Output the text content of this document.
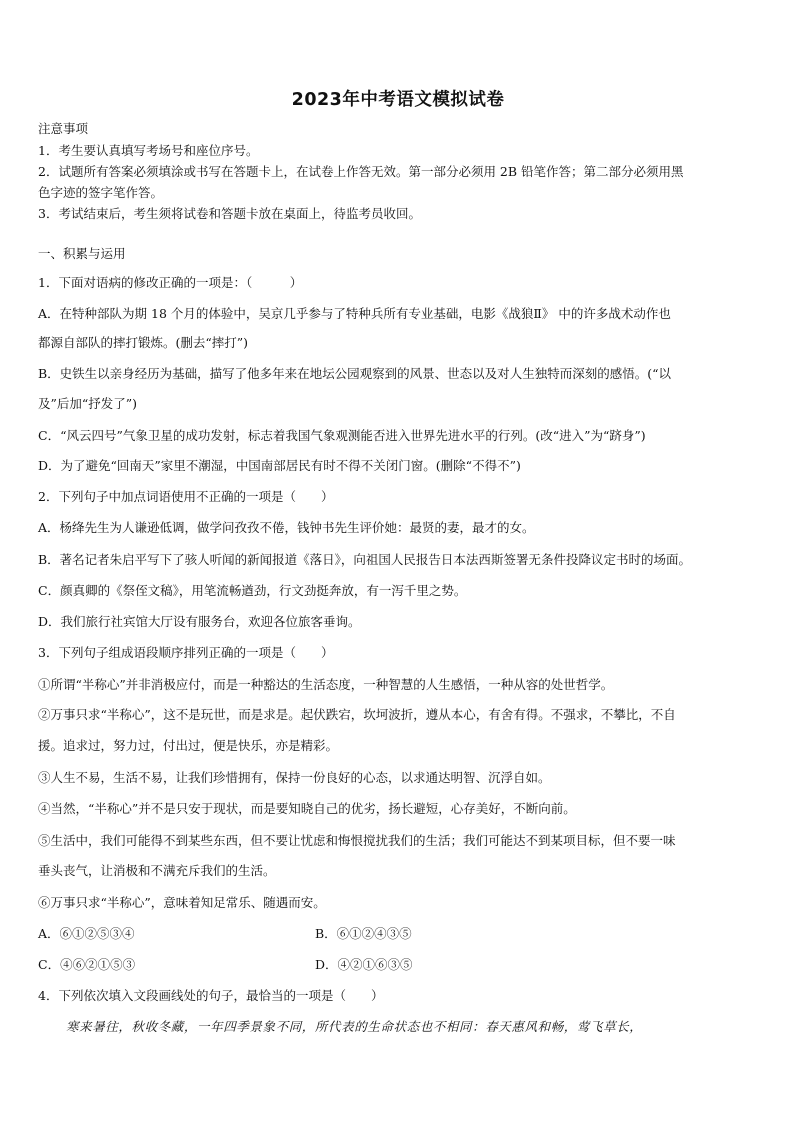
2023年中考语文模拟试卷
注意事项
1．考生要认真填写考场号和座位序号。
2．试题所有答案必须填涂或书写在答题卡上，在试卷上作答无效。第一部分必须用 2B 铅笔作答；第二部分必须用黑
色字迹的签字笔作答。
3．考试结束后，考生须将试卷和答题卡放在桌面上，待监考员收回。
一、积累与运用
1．下面对语病的修改正确的一项是：（　　　）
A．在特种部队为期 18 个月的体验中，吴京几乎参与了特种兵所有专业基础，电影《战狼Ⅱ》 中的许多战术动作也
都源自部队的摔打锻炼。(删去“摔打”)
B．史铁生以亲身经历为基础，描写了他多年来在地坛公园观察到的风景、世态以及对人生独特而深刻的感悟。(“以
及”后加“抒发了”)
C．“风云四号”气象卫星的成功发射，标志着我国气象观测能否进入世界先进水平的行列。(改“进入”为“跻身”)
D．为了避免“回南天”家里不潮湿，中国南部居民有时不得不关闭门窗。(删除“不得不”)
2．下列句子中加点词语使用不正确的一项是（　　）
A．杨绛先生为人谦逊低调，做学问孜孜不倦，钱钟书先生评价她：最贤的妻，最才的女。
B．著名记者朱启平写下了骇人听闻的新闻报道《落日》，向祖国人民报告日本法西斯签署无条件投降议定书时的场面。
C．颜真卿的《祭侄文稿》，用笔流畅遒劲，行文劲挺奔放，有一泻千里之势。
D．我们旅行社宾馆大厅设有服务台，欢迎各位旅客垂询。
3．下列句子组成语段顺序排列正确的一项是（　　）
①所谓“半称心”并非消极应付，而是一种豁达的生活态度，一种智慧的人生感悟，一种从容的处世哲学。
②万事只求“半称心”，这不是玩世，而是求是。起伏跌宕，坎坷波折，遵从本心，有舍有得。不强求，不攀比，不自
援。追求过，努力过，付出过，便是快乐，亦是精彩。
③人生不易，生活不易，让我们珍惜拥有，保持一份良好的心态，以求通达明智、沉浮自如。
④当然，“半称心”并不是只安于现状，而是要知晓自己的优劣，扬长避短，心存美好，不断向前。
⑤生活中，我们可能得不到某些东西，但不要让忧虑和悔恨搅扰我们的生活；我们可能达不到某项目标，但不要一味
垂头丧气，让消极和不满充斥我们的生活。
⑥万事只求“半称心”，意味着知足常乐、随遇而安。
A．⑥①②⑤③④	B．⑥①②④③⑤
C．④⑥②①⑤③	D．④②①⑥③⑤
4．下列依次填入文段画线处的句子，最恰当的一项是（　　）
寒来暑往，秋收冬藏，一年四季景象不同，所代表的生命状态也不相同：春天惠风和畅，莺飞草长，
